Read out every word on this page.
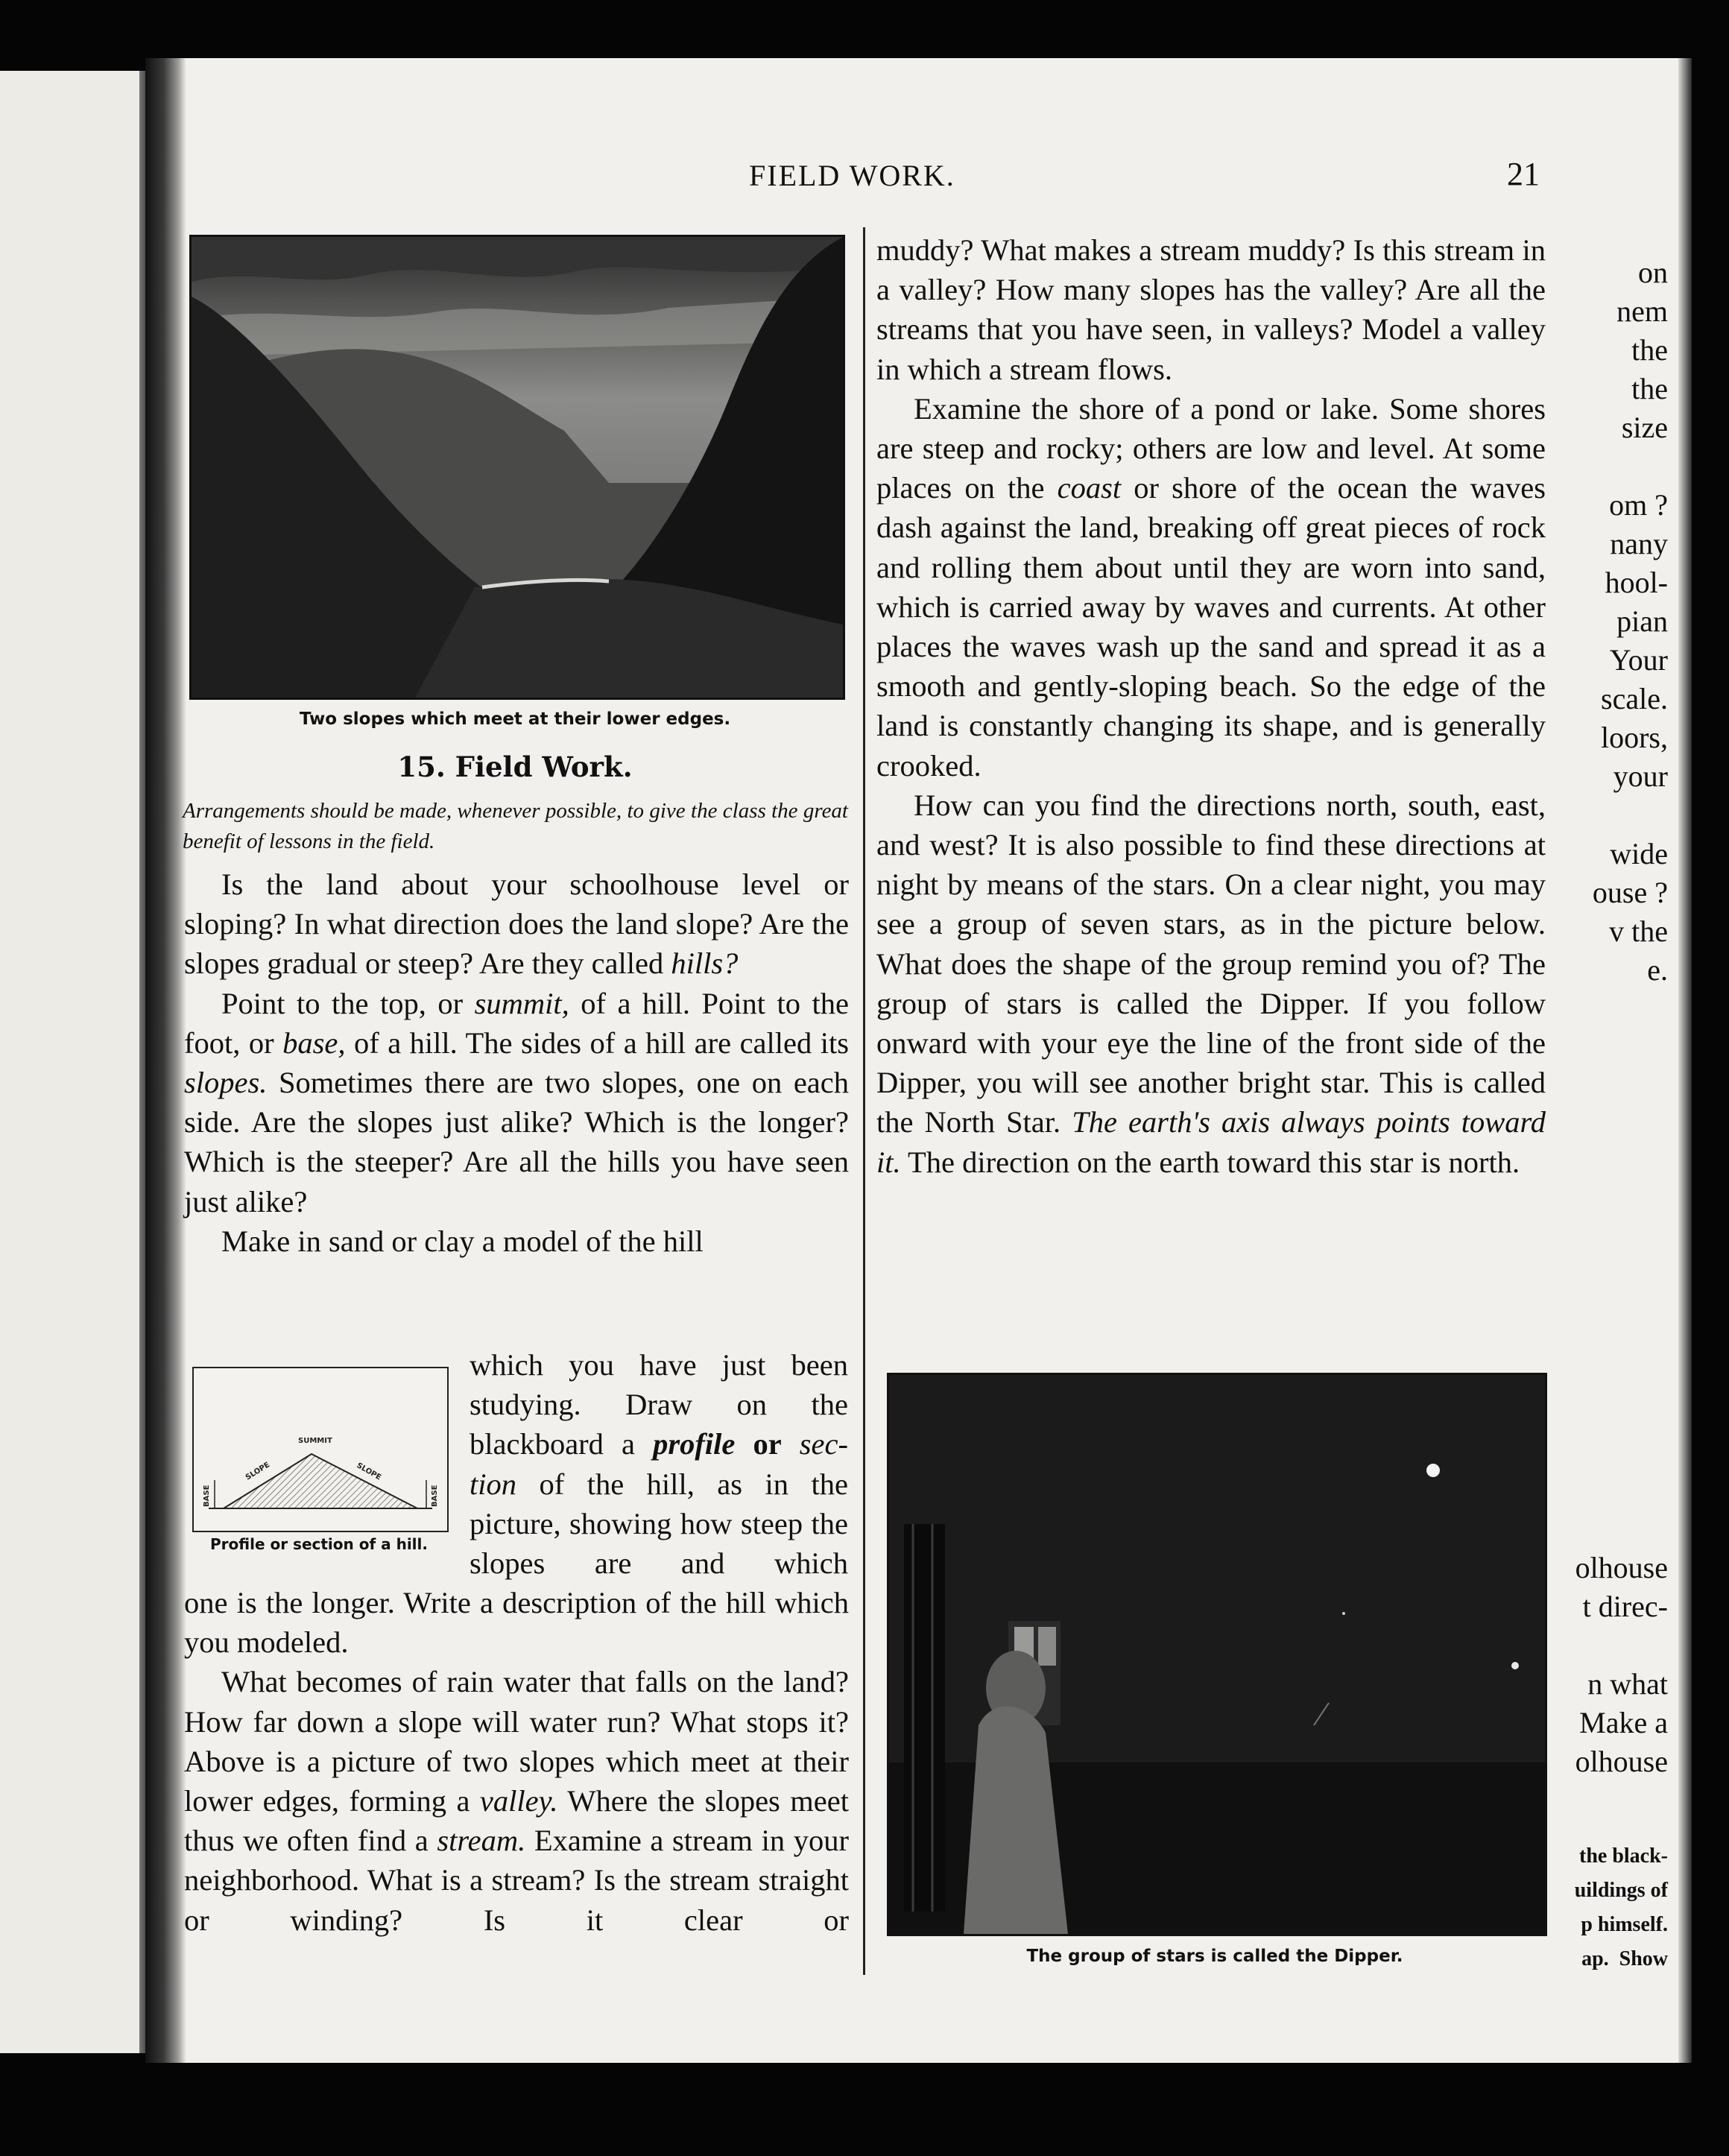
on
nem
the
the
size

om ?
nany
hool-
pian
Your
scale.
loors,
your

wide
ouse ?
v the
e.
olhouse
t direc-

n what
Make a
olhouse
the black-
uildings of
p himself.
ap.  Show
FIELD WORK.	21
Two slopes which meet at their lower edges.
15. Field Work.
Arrangements should be made, whenever possible, to give the class the great benefit of lessons in the field.

Is the land about your schoolhouse level or sloping? In what direction does the land slope? Are the slopes gradual or steep? Are they called hills?

Point to the top, or summit, of a hill. Point to the foot, or base, of a hill. The sides of a hill are called its slopes. Sometimes there are two slopes, one on each side. Are the slopes just alike? Which is the longer? Which is the steeper? Are all the hills you have seen just alike?

Make in sand or clay a model of the hill

SUMMIT
SLOPE	SLOPE
BASE	BASE
Profile or section of a hill.

which you have just been studying. Draw on the blackboard a profile or sec-tion of the hill, as in the picture, showing how steep the slopes are and which

one is the longer. Write a description of the hill which you modeled.

What becomes of rain water that falls on the land? How far down a slope will water run? What stops it? Above is a picture of two slopes which meet at their lower edges, forming a valley. Where the slopes meet thus we often find a stream. Examine a stream in your neighborhood. What is a stream? Is the stream straight or winding? Is it clear or

muddy? What makes a stream muddy? Is this stream in a valley? How many slopes has the valley? Are all the streams that you have seen, in valleys? Model a valley in which a stream flows.

Examine the shore of a pond or lake. Some shores are steep and rocky; others are low and level. At some places on the coast or shore of the ocean the waves dash against the land, breaking off great pieces of rock and rolling them about until they are worn into sand, which is carried away by waves and currents. At other places the waves wash up the sand and spread it as a smooth and gently-sloping beach. So the edge of the land is constantly changing its shape, and is generally crooked.

How can you find the directions north, south, east, and west? It is also possible to find these directions at night by means of the stars. On a clear night, you may see a group of seven stars, as in the picture below. What does the shape of the group remind you of? The group of stars is called the Dipper. If you follow onward with your eye the line of the front side of the Dipper, you will see another bright star. This is called the North Star. The earth's axis always points toward it. The direction on the earth toward this star is north.

The group of stars is called the Dipper.
